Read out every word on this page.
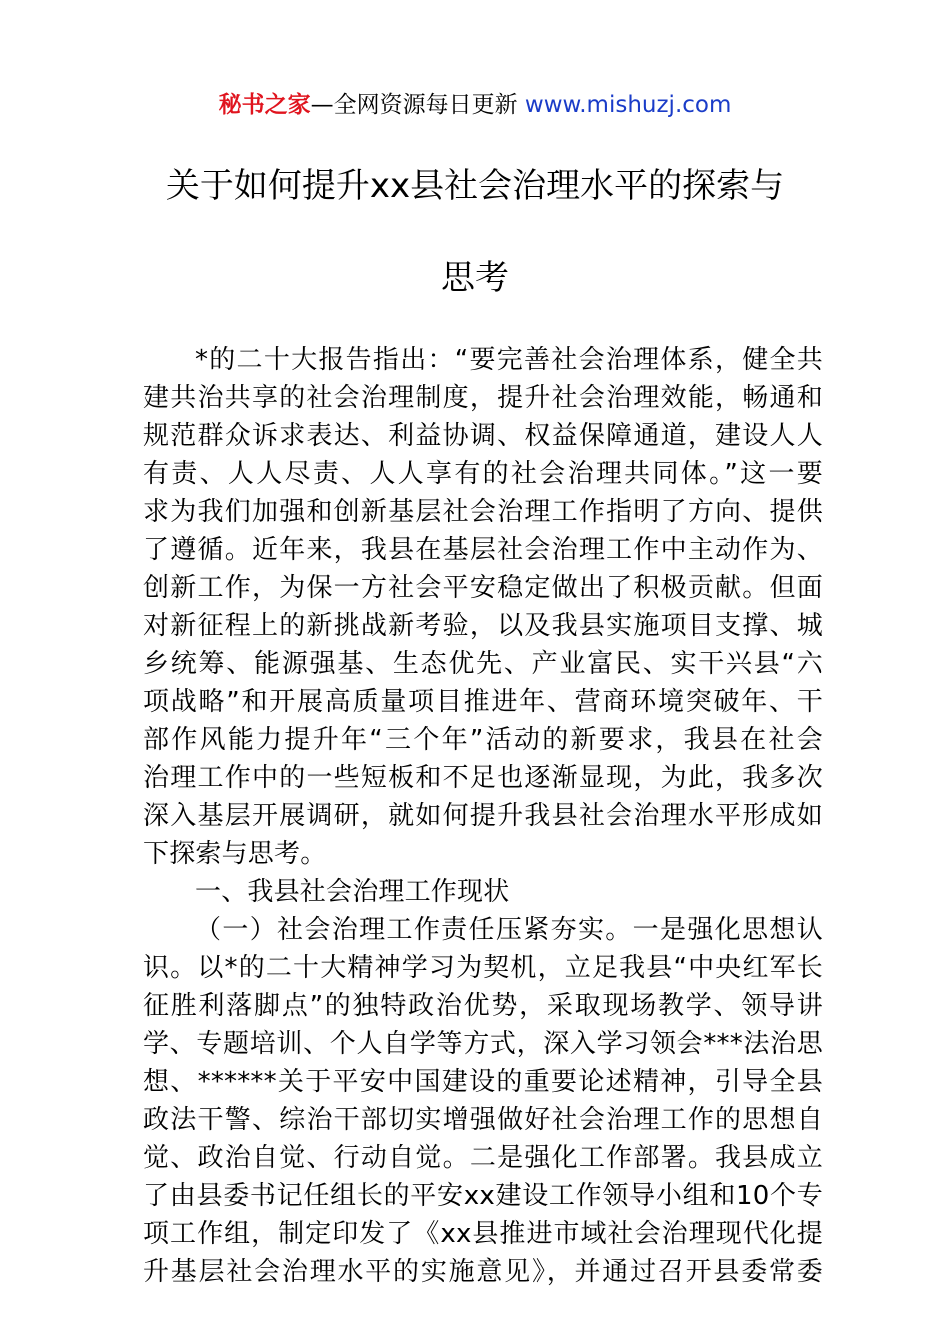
秘书之家—全网资源每日更新 www.mishuzj.com
关于如何提升xx县社会治理水平的探索与
思考
*的二十大报告指出：“要完善社会治理体系，健全共
建共治共享的社会治理制度，提升社会治理效能，畅通和
规范群众诉求表达、利益协调、权益保障通道，建设人人
有责、人人尽责、人人享有的社会治理共同体。”这一要
求为我们加强和创新基层社会治理工作指明了方向、提供
了遵循。近年来，我县在基层社会治理工作中主动作为、
创新工作，为保一方社会平安稳定做出了积极贡献。但面
对新征程上的新挑战新考验，以及我县实施项目支撑、城
乡统筹、能源强基、生态优先、产业富民、实干兴县“六
项战略”和开展高质量项目推进年、营商环境突破年、干
部作风能力提升年“三个年”活动的新要求，我县在社会
治理工作中的一些短板和不足也逐渐显现，为此，我多次
深入基层开展调研，就如何提升我县社会治理水平形成如
下探索与思考。
一、我县社会治理工作现状
（一）社会治理工作责任压紧夯实。一是强化思想认
识。以*的二十大精神学习为契机，立足我县“中央红军长
征胜利落脚点”的独特政治优势，采取现场教学、领导讲
学、专题培训、个人自学等方式，深入学习领会***法治思
想、******关于平安中国建设的重要论述精神，引导全县
政法干警、综治干部切实增强做好社会治理工作的思想自
觉、政治自觉、行动自觉。二是强化工作部署。我县成立
了由县委书记任组长的平安xx建设工作领导小组和10个专
项工作组，制定印发了《xx县推进市域社会治理现代化提
升基层社会治理水平的实施意见》，并通过召开县委常委
